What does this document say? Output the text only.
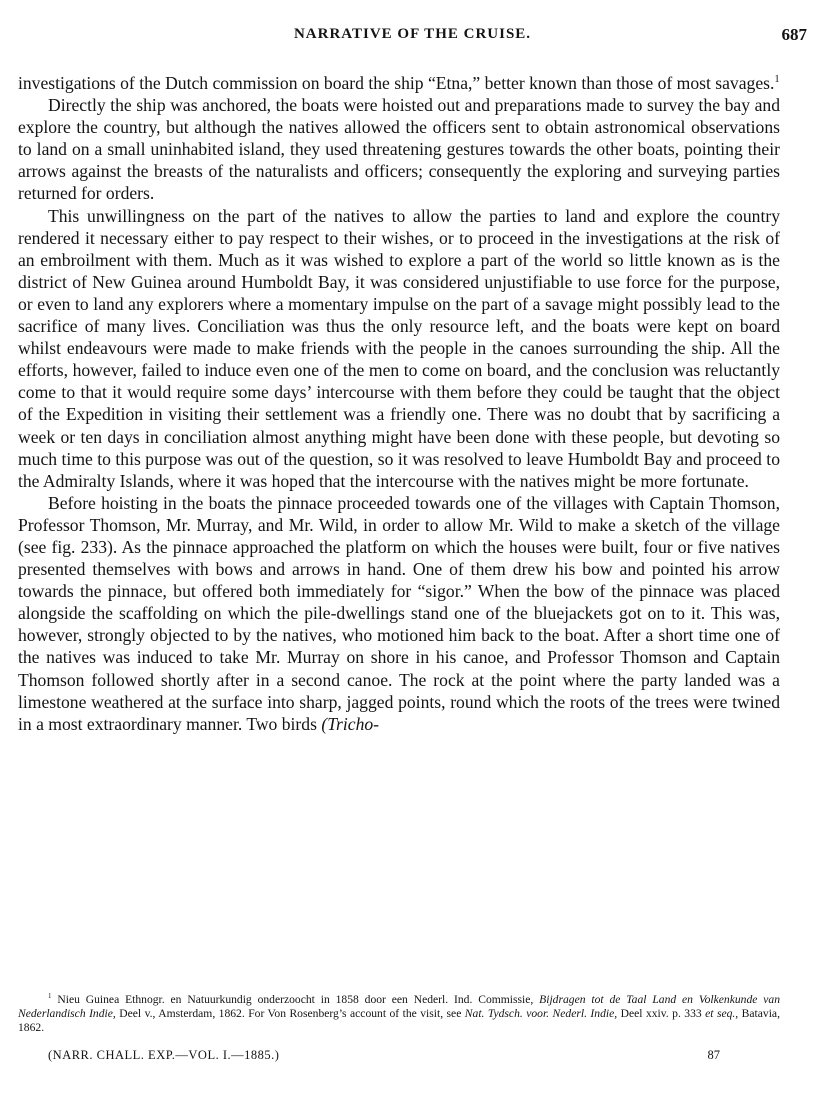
NARRATIVE OF THE CRUISE.	687

investigations of the Dutch commission on board the ship “Etna,” better known than those of most savages.$^1$

Directly the ship was anchored, the boats were hoisted out and preparations made to survey the bay and explore the country, but although the natives allowed the officers sent to obtain astronomical observations to land on a small uninhabited island, they used threatening gestures towards the other boats, pointing their arrows against the breasts of the naturalists and officers; consequently the exploring and surveying parties returned for orders.

This unwillingness on the part of the natives to allow the parties to land and explore the country rendered it necessary either to pay respect to their wishes, or to proceed in the investigations at the risk of an embroilment with them. Much as it was wished to explore a part of the world so little known as is the district of New Guinea around Humboldt Bay, it was considered unjustifiable to use force for the purpose, or even to land any explorers where a momentary impulse on the part of a savage might possibly lead to the sacrifice of many lives. Conciliation was thus the only resource left, and the boats were kept on board whilst endeavours were made to make friends with the people in the canoes surrounding the ship. All the efforts, however, failed to induce even one of the men to come on board, and the conclusion was reluctantly come to that it would require some days’ intercourse with them before they could be taught that the object of the Expedition in visiting their settlement was a friendly one. There was no doubt that by sacrificing a week or ten days in conciliation almost anything might have been done with these people, but devoting so much time to this purpose was out of the question, so it was resolved to leave Humboldt Bay and proceed to the Admiralty Islands, where it was hoped that the intercourse with the natives might be more fortunate.

Before hoisting in the boats the pinnace proceeded towards one of the villages with Captain Thomson, Professor Thomson, Mr. Murray, and Mr. Wild, in order to allow Mr. Wild to make a sketch of the village (see fig. 233). As the pinnace approached the platform on which the houses were built, four or five natives presented themselves with bows and arrows in hand. One of them drew his bow and pointed his arrow towards the pinnace, but offered both immediately for “sigor.” When the bow of the pinnace was placed alongside the scaffolding on which the pile-dwellings stand one of the bluejackets got on to it. This was, however, strongly objected to by the natives, who motioned him back to the boat. After a short time one of the natives was induced to take Mr. Murray on shore in his canoe, and Professor Thomson and Captain Thomson followed shortly after in a second canoe. The rock at the point where the party landed was a limestone weathered at the surface into sharp, jagged points, round which the roots of the trees were twined in a most extraordinary manner. Two birds (Tricho-

$^1$ Nieu Guinea Ethnogr. en Natuurkundig onderzoocht in 1858 door een Nederl. Ind. Commissie, Bijdragen tot de Taal Land en Volkenkunde van Nederlandisch Indie, Deel v., Amsterdam, 1862. For Von Rosenberg’s account of the visit, see Nat. Tydsch. voor. Nederl. Indie, Deel xxiv. p. 333 et seq., Batavia, 1862.

(NARR. CHALL. EXP.—VOL. I.—1885.)	87
